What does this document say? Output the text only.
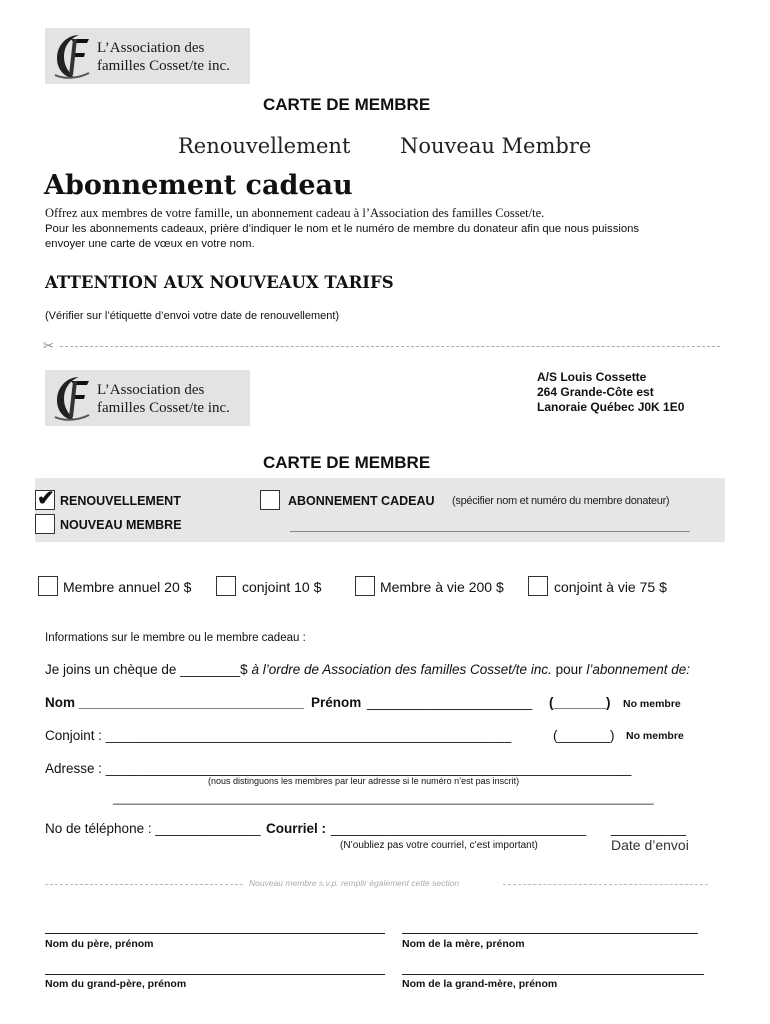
L’Association des
familles Cosset/te inc.
CARTE DE MEMBRE
Renouvellement Nouveau Membre
Abonnement cadeau
Offrez aux membres de votre famille, un abonnement cadeau à l’Association des familles Cosset/te.
Pour les abonnements cadeaux, prière d’indiquer le nom et le numéro de membre du donateur afin que nous puissions
envoyer une carte de vœux en votre nom.
ATTENTION AUX NOUVEAUX TARIFS
(Vérifier sur l’étiquette d’envoi votre date de renouvellement)
✂
L’Association des
familles Cosset/te inc.
A/S Louis Cossette
264 Grande-Côte est
Lanoraie Québec J0K 1E0
CARTE DE MEMBRE
✔ RENOUVELLEMENT
NOUVEAU MEMBRE
ABONNEMENT CADEAU (spécifier nom et numéro du membre donateur)
Membre annuel 20 $	conjoint 10 $	Membre à vie 200 $	conjoint à vie 75 $
Informations sur le membre ou le membre cadeau :
Je joins un chèque de ________$ à l’ordre de Association des familles Cosset/te inc. pour l’abonnement de:
Nom ______________________________ Prénom ______________________ (_______) No membre
Conjoint : ______________________________________________________	(_______) No membre
Adresse : ______________________________________________________________________
(nous distinguons les membres par leur adresse si le numéro n’est pas inscrit)
_________________________________________________________________________________
No de téléphone : ______________ Courriel : __________________________________
(N’oubliez pas votre courriel, c’est important)
__________
Date d’envoi
Nouveau membre s.v.p. remplir également cette section
Nom du père, prénom	Nom de la mère, prénom
Nom du grand-père, prénom	Nom de la grand-mère, prénom
